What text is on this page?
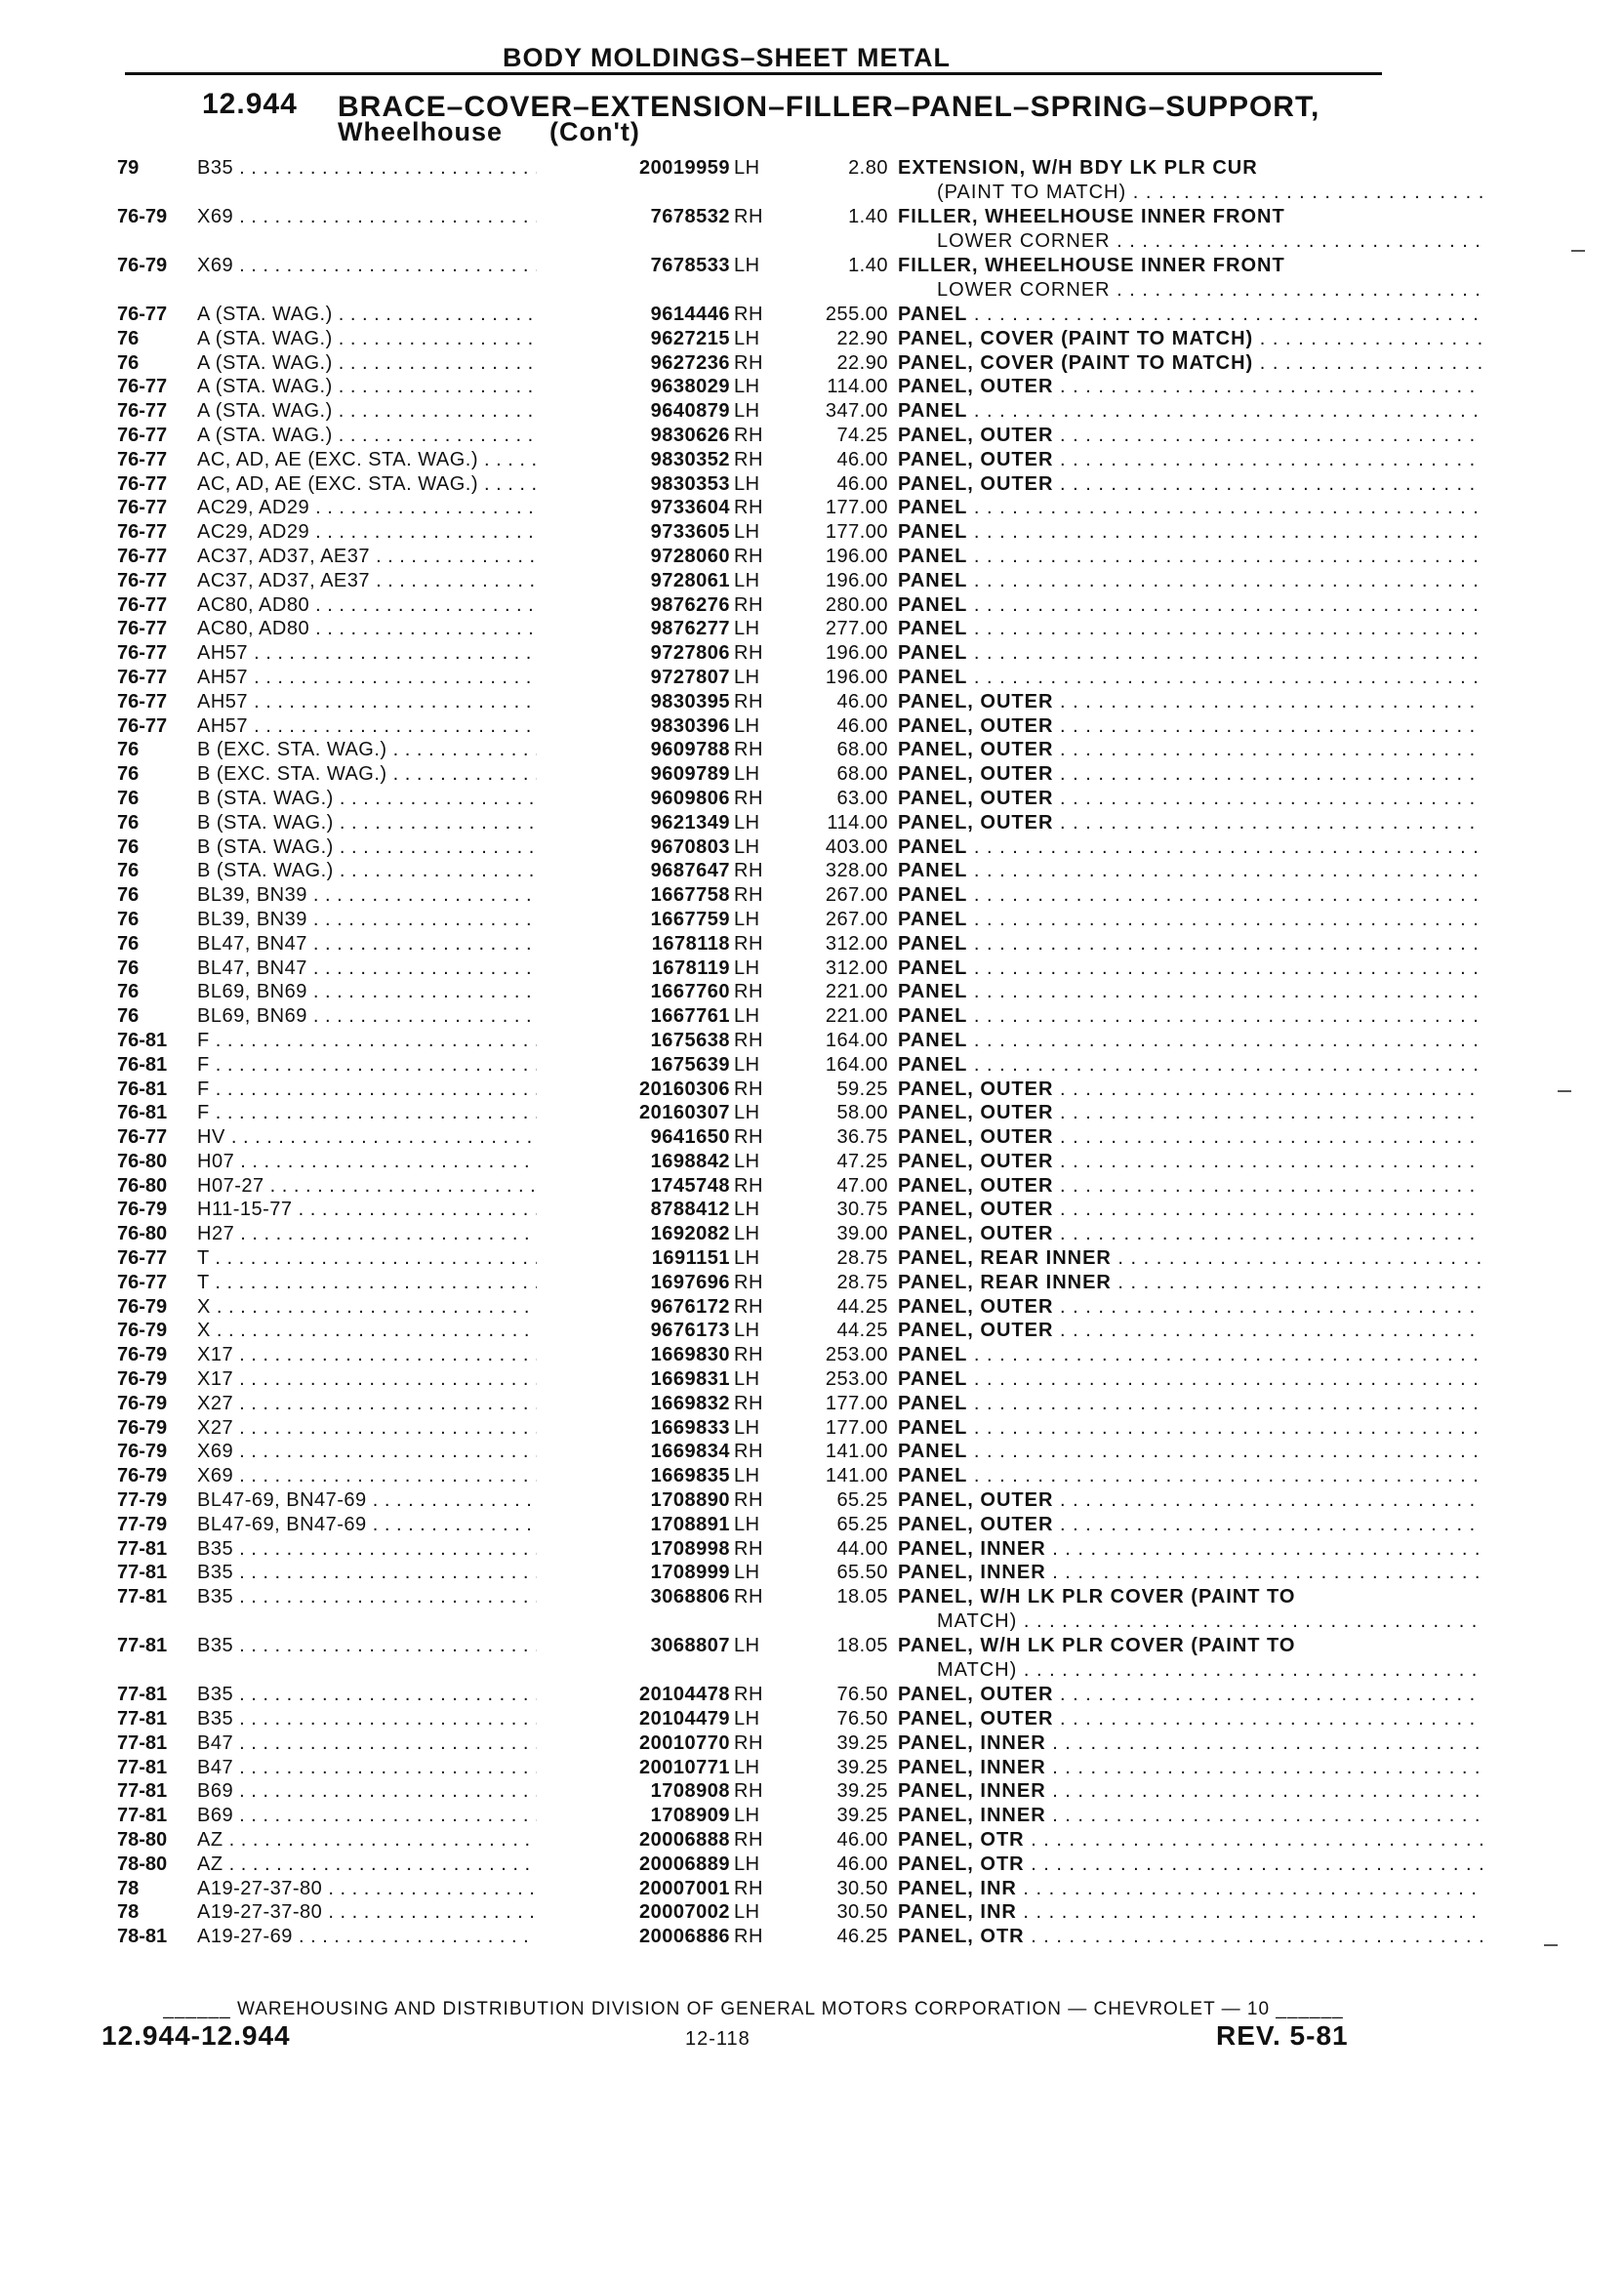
BODY MOLDINGS–SHEET METAL
12.944 BRACE–COVER–EXTENSION–FILLER–PANEL–SPRING–SUPPORT,
Wheelhouse (Con't)
79	B35 . . .	20019959 LH	2.80 EXTENSION, W/H BDY LK PLR CUR
(PAINT TO MATCH) . . .
76-79	X69 . . .	7678532 RH	1.40 FILLER, WHEELHOUSE INNER FRONT
LOWER CORNER . . .
76-79	X69 . . .	7678533 LH	1.40 FILLER, WHEELHOUSE INNER FRONT
LOWER CORNER . . .
76-77	A (STA. WAG.) . . .	9614446 RH	255.00 PANEL . . .
76	A (STA. WAG.) . . .	9627215 LH	22.90 PANEL, COVER (PAINT TO MATCH) . . .
76	A (STA. WAG.) . . .	9627236 RH	22.90 PANEL, COVER (PAINT TO MATCH) . . .
76-77	A (STA. WAG.) . . .	9638029 LH	114.00 PANEL, OUTER . . .
76-77	A (STA. WAG.) . . .	9640879 LH	347.00 PANEL . . .
76-77	A (STA. WAG.) . . .	9830626 RH	74.25 PANEL, OUTER . . .
76-77	AC, AD, AE (EXC. STA. WAG.) . . .	9830352 RH	46.00 PANEL, OUTER . . .
76-77	AC, AD, AE (EXC. STA. WAG.) . . .	9830353 LH	46.00 PANEL, OUTER . . .
76-77	AC29, AD29 . . .	9733604 RH	177.00 PANEL . . .
76-77	AC29, AD29 . . .	9733605 LH	177.00 PANEL . . .
76-77	AC37, AD37, AE37 . . .	9728060 RH	196.00 PANEL . . .
76-77	AC37, AD37, AE37 . . .	9728061 LH	196.00 PANEL . . .
76-77	AC80, AD80 . . .	9876276 RH	280.00 PANEL . . .
76-77	AC80, AD80 . . .	9876277 LH	277.00 PANEL . . .
76-77	AH57 . . .	9727806 RH	196.00 PANEL . . .
76-77	AH57 . . .	9727807 LH	196.00 PANEL . . .
76-77	AH57 . . .	9830395 RH	46.00 PANEL, OUTER . . .
76-77	AH57 . . .	9830396 LH	46.00 PANEL, OUTER . . .
76	B (EXC. STA. WAG.) . . .	9609788 RH	68.00 PANEL, OUTER . . .
76	B (EXC. STA. WAG.) . . .	9609789 LH	68.00 PANEL, OUTER . . .
76	B (STA. WAG.) . . .	9609806 RH	63.00 PANEL, OUTER . . .
76	B (STA. WAG.) . . .	9621349 LH	114.00 PANEL, OUTER . . .
76	B (STA. WAG.) . . .	9670803 LH	403.00 PANEL . . .
76	B (STA. WAG.) . . .	9687647 RH	328.00 PANEL . . .
76	BL39, BN39 . . .	1667758 RH	267.00 PANEL . . .
76	BL39, BN39 . . .	1667759 LH	267.00 PANEL . . .
76	BL47, BN47 . . .	1678118 RH	312.00 PANEL . . .
76	BL47, BN47 . . .	1678119 LH	312.00 PANEL . . .
76	BL69, BN69 . . .	1667760 RH	221.00 PANEL . . .
76	BL69, BN69 . . .	1667761 LH	221.00 PANEL . . .
76-81	F . . .	1675638 RH	164.00 PANEL . . .
76-81	F . . .	1675639 LH	164.00 PANEL . . .
76-81	F . . .	20160306 RH	59.25 PANEL, OUTER . . .
76-81	F . . .	20160307 LH	58.00 PANEL, OUTER . . .
76-77	HV . . .	9641650 RH	36.75 PANEL, OUTER . . .
76-80	H07 . . .	1698842 LH	47.25 PANEL, OUTER . . .
76-80	H07-27 . . .	1745748 RH	47.00 PANEL, OUTER . . .
76-79	H11-15-77 . . .	8788412 LH	30.75 PANEL, OUTER . . .
76-80	H27 . . .	1692082 LH	39.00 PANEL, OUTER . . .
76-77	T . . .	1691151 LH	28.75 PANEL, REAR INNER . . .
76-77	T . . .	1697696 RH	28.75 PANEL, REAR INNER . . .
76-79	X . . .	9676172 RH	44.25 PANEL, OUTER . . .
76-79	X . . .	9676173 LH	44.25 PANEL, OUTER . . .
76-79	X17 . . .	1669830 RH	253.00 PANEL . . .
76-79	X17 . . .	1669831 LH	253.00 PANEL . . .
76-79	X27 . . .	1669832 RH	177.00 PANEL . . .
76-79	X27 . . .	1669833 LH	177.00 PANEL . . .
76-79	X69 . . .	1669834 RH	141.00 PANEL . . .
76-79	X69 . . .	1669835 LH	141.00 PANEL . . .
77-79	BL47-69, BN47-69 . . .	1708890 RH	65.25 PANEL, OUTER . . .
77-79	BL47-69, BN47-69 . . .	1708891 LH	65.25 PANEL, OUTER . . .
77-81	B35 . . .	1708998 RH	44.00 PANEL, INNER . . .
77-81	B35 . . .	1708999 LH	65.50 PANEL, INNER . . .
77-81	B35 . . .	3068806 RH	18.05 PANEL, W/H LK PLR COVER (PAINT TO
MATCH) . . .
77-81	B35 . . .	3068807 LH	18.05 PANEL, W/H LK PLR COVER (PAINT TO
MATCH) . . .
77-81	B35 . . .	20104478 RH	76.50 PANEL, OUTER . . .
77-81	B35 . . .	20104479 LH	76.50 PANEL, OUTER . . .
77-81	B47 . . .	20010770 RH	39.25 PANEL, INNER . . .
77-81	B47 . . .	20010771 LH	39.25 PANEL, INNER . . .
77-81	B69 . . .	1708908 RH	39.25 PANEL, INNER . . .
77-81	B69 . . .	1708909 LH	39.25 PANEL, INNER . . .
78-80	AZ . . .	20006888 RH	46.00 PANEL, OTR . . .
78-80	AZ . . .	20006889 LH	46.00 PANEL, OTR . . .
78	A19-27-37-80 . . .	20007001 RH	30.50 PANEL, INR . . .
78	A19-27-37-80 . . .	20007002 LH	30.50 PANEL, INR . . .
78-81	A19-27-69 . . .	20006886 RH	46.25 PANEL, OTR . . .
______ WAREHOUSING AND DISTRIBUTION DIVISION OF GENERAL MOTORS CORPORATION — CHEVROLET — 10 ______
12.944-12.944	12-118	REV. 5-81
